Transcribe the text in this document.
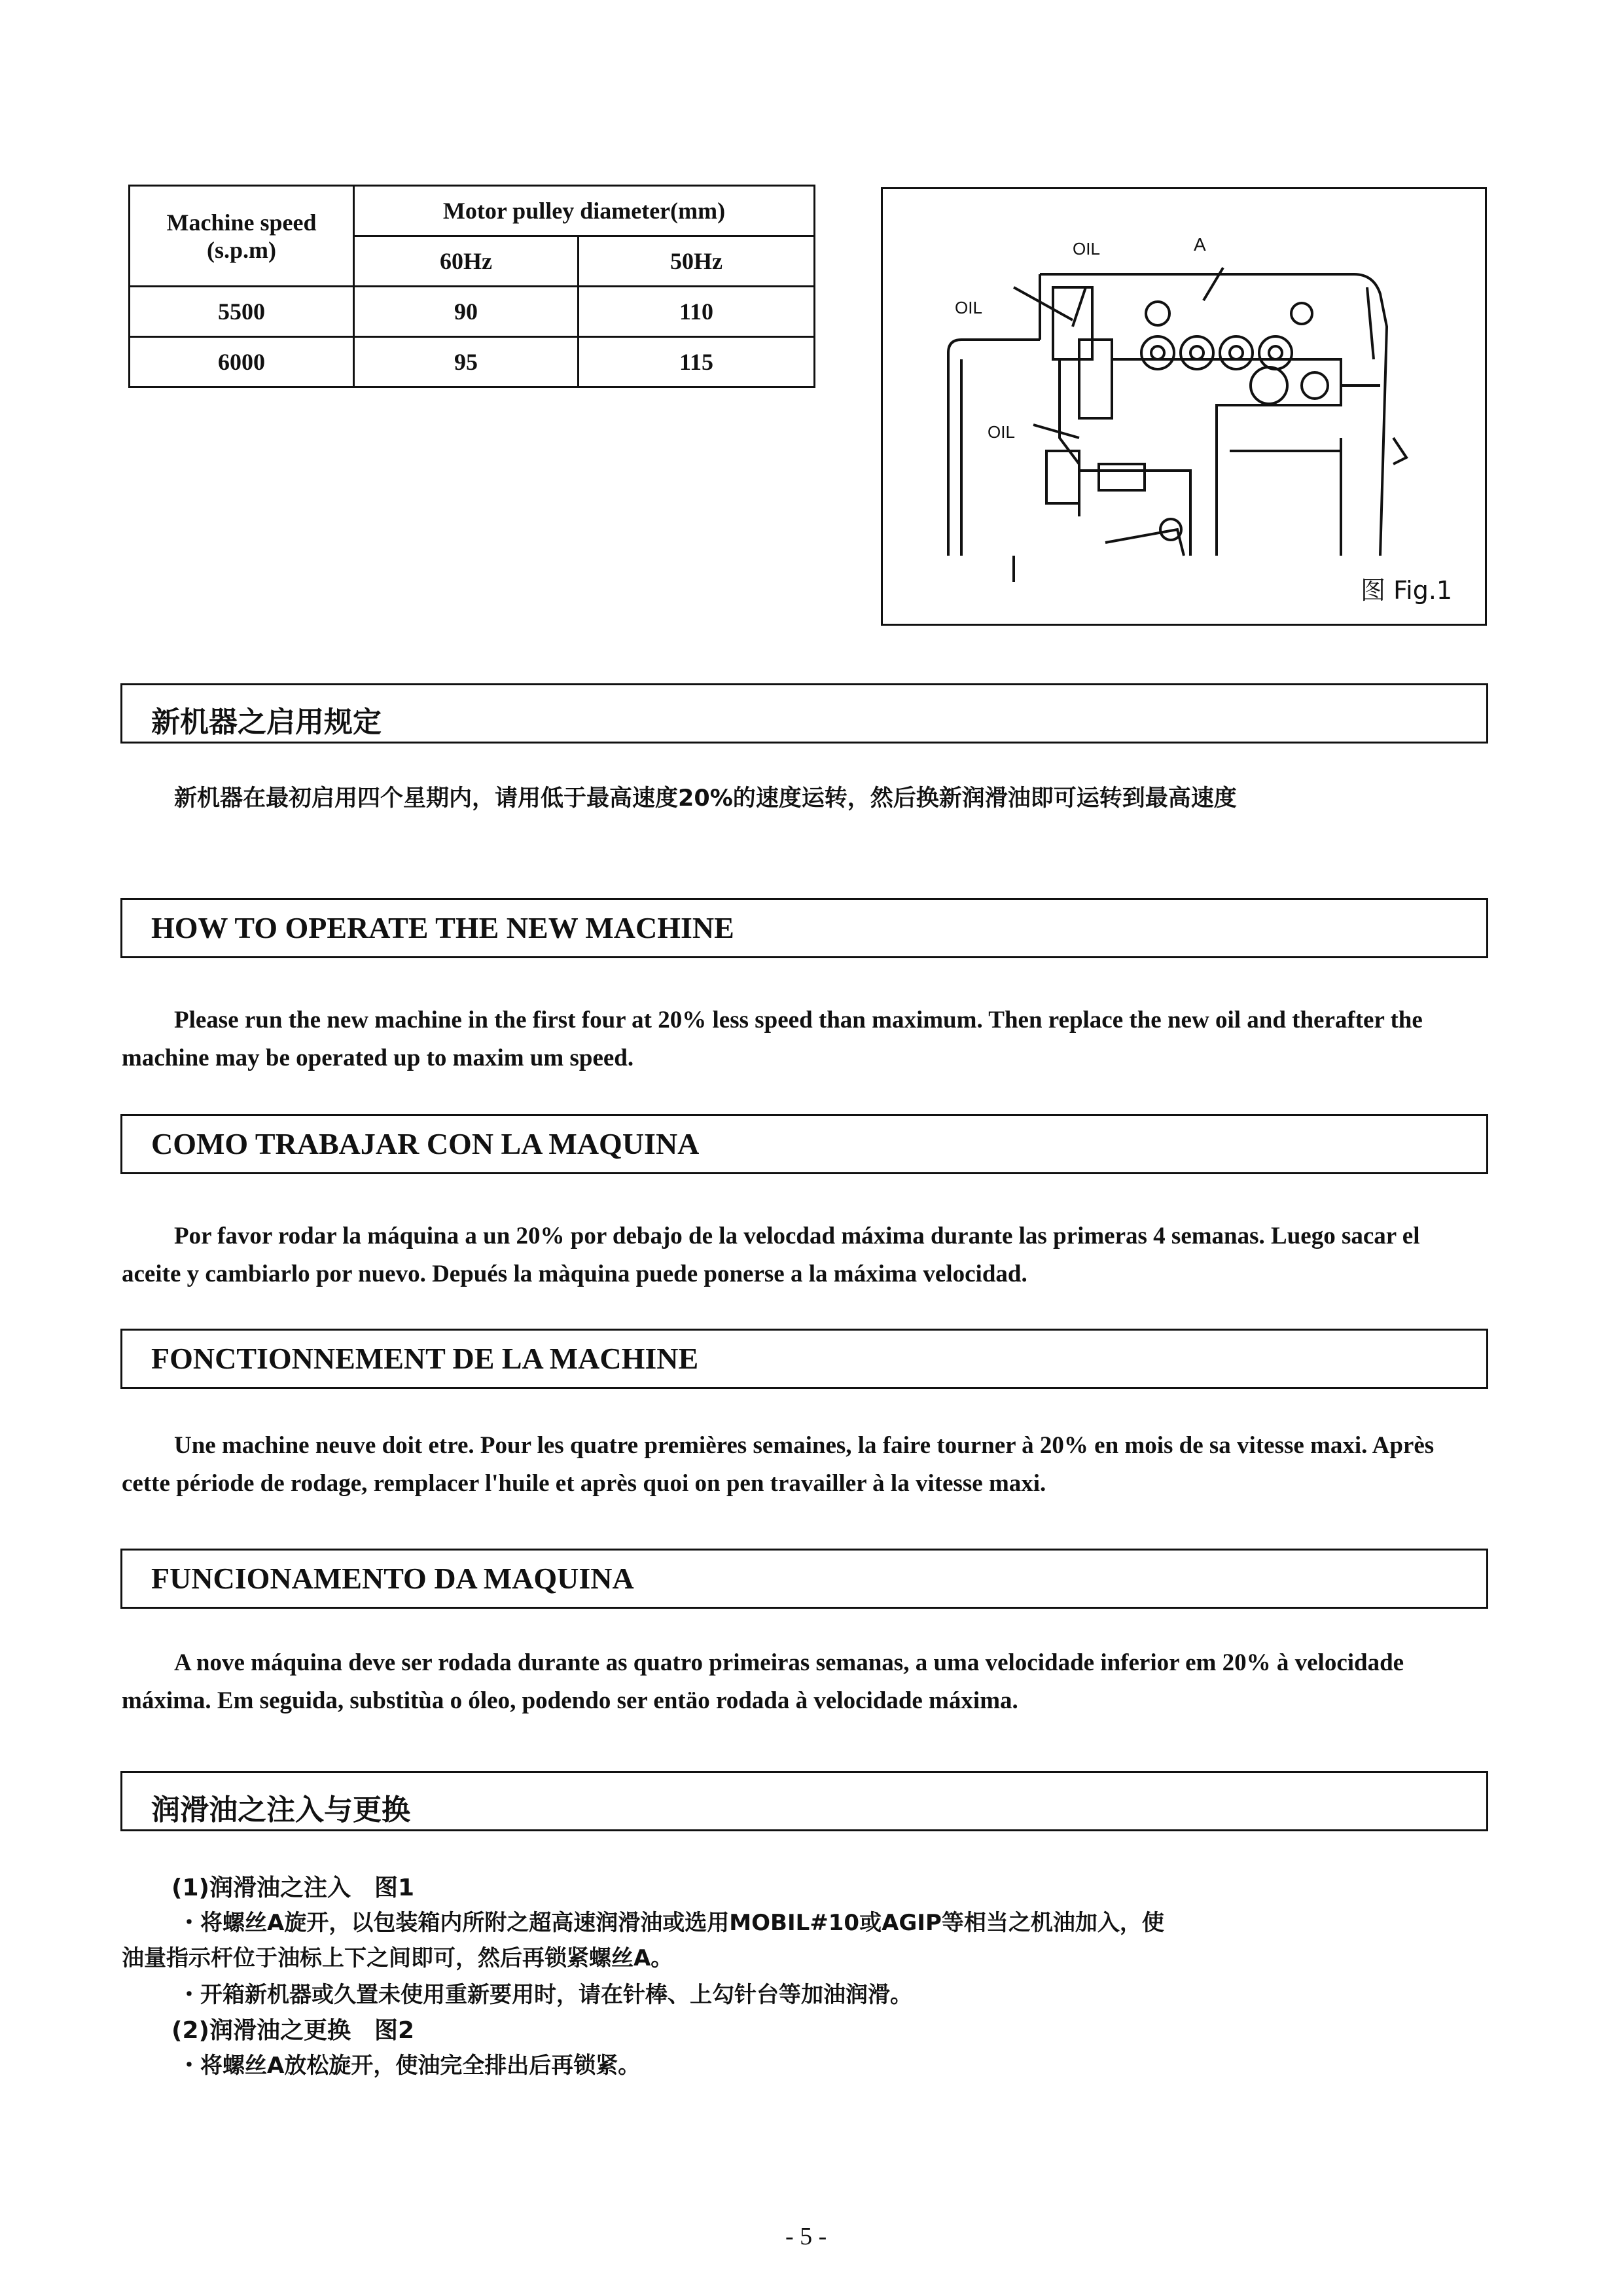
Machine speed
(s.p.m)	Motor pulley diameter(mm)	
	60Hz	50Hz
5500	90	110
6000	95	115
OIL
OIL
OIL
A
图 Fig.1
新机器之启用规定
新机器在最初启用四个星期内，请用低于最高速度20%的速度运转，然后换新润滑油即可运转到最高速度
HOW TO OPERATE THE NEW MACHINE
Please run the new machine in the first four at 20% less speed than maximum. Then replace the new oil and therafter the machine may be operated up to maxim um speed.
COMO TRABAJAR CON LA MAQUINA
Por favor rodar la máquina a un 20% por debajo de la velocdad máxima durante las primeras 4 semanas. Luego sacar el aceite y cambiarlo por nuevo. Depués la màquina puede ponerse a la máxima velocidad.
FONCTIONNEMENT DE LA MACHINE
Une machine neuve doit etre. Pour les quatre premières semaines, la faire tourner à 20% en mois de sa vitesse maxi. Après cette période de rodage, remplacer l'huile et après quoi on pen travailler à la vitesse maxi.
FUNCIONAMENTO DA MAQUINA
A nove máquina deve ser rodada durante as quatro primeiras semanas, a uma velocidade inferior em 20% à velocidade máxima. Em seguida, substitùa o óleo, podendo ser entäo rodada à velocidade máxima.
润滑油之注入与更换
(1)润滑油之注入　图1
・将螺丝A旋开，以包装箱内所附之超高速润滑油或选用MOBIL#10或AGIP等相当之机油加入，使
油量指示杆位于油标上下之间即可，然后再锁紧螺丝A。
・开箱新机器或久置未使用重新要用时，请在针棒、上勾针台等加油润滑。
(2)润滑油之更换　图2
・将螺丝A放松旋开，使油完全排出后再锁紧。
- 5 -
